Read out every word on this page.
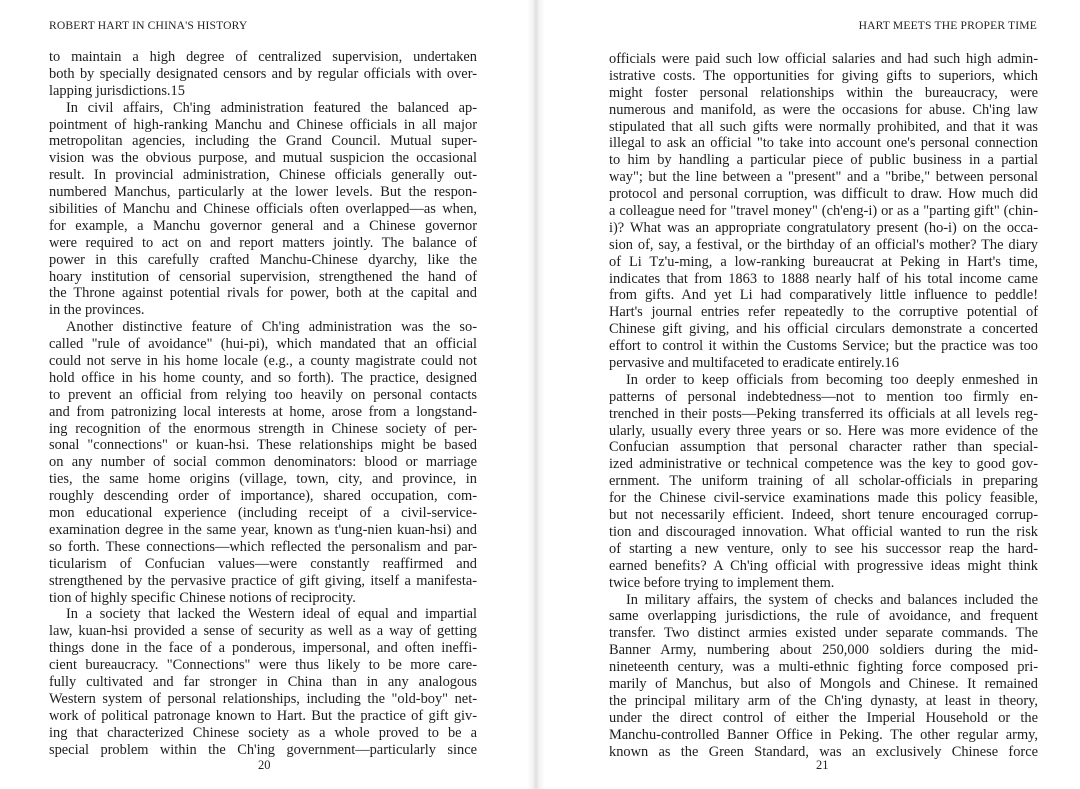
ROBERT HART IN CHINA'S HISTORY
to maintain a high degree of centralized supervision, undertaken
both by specially designated censors and by regular officials with over-
lapping jurisdictions.15
In civil affairs, Ch'ing administration featured the balanced ap-
pointment of high-ranking Manchu and Chinese officials in all major
metropolitan agencies, including the Grand Council. Mutual super-
vision was the obvious purpose, and mutual suspicion the occasional
result. In provincial administration, Chinese officials generally out-
numbered Manchus, particularly at the lower levels. But the respon-
sibilities of Manchu and Chinese officials often overlapped—as when,
for example, a Manchu governor general and a Chinese governor
were required to act on and report matters jointly. The balance of
power in this carefully crafted Manchu-Chinese dyarchy, like the
hoary institution of censorial supervision, strengthened the hand of
the Throne against potential rivals for power, both at the capital and
in the provinces.
Another distinctive feature of Ch'ing administration was the so-
called "rule of avoidance" (hui-pi), which mandated that an official
could not serve in his home locale (e.g., a county magistrate could not
hold office in his home county, and so forth). The practice, designed
to prevent an official from relying too heavily on personal contacts
and from patronizing local interests at home, arose from a longstand-
ing recognition of the enormous strength in Chinese society of per-
sonal "connections" or kuan-hsi. These relationships might be based
on any number of social common denominators: blood or marriage
ties, the same home origins (village, town, city, and province, in
roughly descending order of importance), shared occupation, com-
mon educational experience (including receipt of a civil-service-
examination degree in the same year, known as t'ung-nien kuan-hsi) and
so forth. These connections—which reflected the personalism and par-
ticularism of Confucian values—were constantly reaffirmed and
strengthened by the pervasive practice of gift giving, itself a manifesta-
tion of highly specific Chinese notions of reciprocity.
In a society that lacked the Western ideal of equal and impartial
law, kuan-hsi provided a sense of security as well as a way of getting
things done in the face of a ponderous, impersonal, and often ineffi-
cient bureaucracy. "Connections" were thus likely to be more care-
fully cultivated and far stronger in China than in any analogous
Western system of personal relationships, including the "old-boy" net-
work of political patronage known to Hart. But the practice of gift giv-
ing that characterized Chinese society as a whole proved to be a
special problem within the Ch'ing government—particularly since
20
HART MEETS THE PROPER TIME
officials were paid such low official salaries and had such high admin-
istrative costs. The opportunities for giving gifts to superiors, which
might foster personal relationships within the bureaucracy, were
numerous and manifold, as were the occasions for abuse. Ch'ing law
stipulated that all such gifts were normally prohibited, and that it was
illegal to ask an official "to take into account one's personal connection
to him by handling a particular piece of public business in a partial
way"; but the line between a "present" and a "bribe," between personal
protocol and personal corruption, was difficult to draw. How much did
a colleague need for "travel money" (ch'eng-i) or as a "parting gift" (chin-
i)? What was an appropriate congratulatory present (ho-i) on the occa-
sion of, say, a festival, or the birthday of an official's mother? The diary
of Li Tz'u-ming, a low-ranking bureaucrat at Peking in Hart's time,
indicates that from 1863 to 1888 nearly half of his total income came
from gifts. And yet Li had comparatively little influence to peddle!
Hart's journal entries refer repeatedly to the corruptive potential of
Chinese gift giving, and his official circulars demonstrate a concerted
effort to control it within the Customs Service; but the practice was too
pervasive and multifaceted to eradicate entirely.16
In order to keep officials from becoming too deeply enmeshed in
patterns of personal indebtedness—not to mention too firmly en-
trenched in their posts—Peking transferred its officials at all levels reg-
ularly, usually every three years or so. Here was more evidence of the
Confucian assumption that personal character rather than special-
ized administrative or technical competence was the key to good gov-
ernment. The uniform training of all scholar-officials in preparing
for the Chinese civil-service examinations made this policy feasible,
but not necessarily efficient. Indeed, short tenure encouraged corrup-
tion and discouraged innovation. What official wanted to run the risk
of starting a new venture, only to see his successor reap the hard-
earned benefits? A Ch'ing official with progressive ideas might think
twice before trying to implement them.
In military affairs, the system of checks and balances included the
same overlapping jurisdictions, the rule of avoidance, and frequent
transfer. Two distinct armies existed under separate commands. The
Banner Army, numbering about 250,000 soldiers during the mid-
nineteenth century, was a multi-ethnic fighting force composed pri-
marily of Manchus, but also of Mongols and Chinese. It remained
the principal military arm of the Ch'ing dynasty, at least in theory,
under the direct control of either the Imperial Household or the
Manchu-controlled Banner Office in Peking. The other regular army,
known as the Green Standard, was an exclusively Chinese force
21
